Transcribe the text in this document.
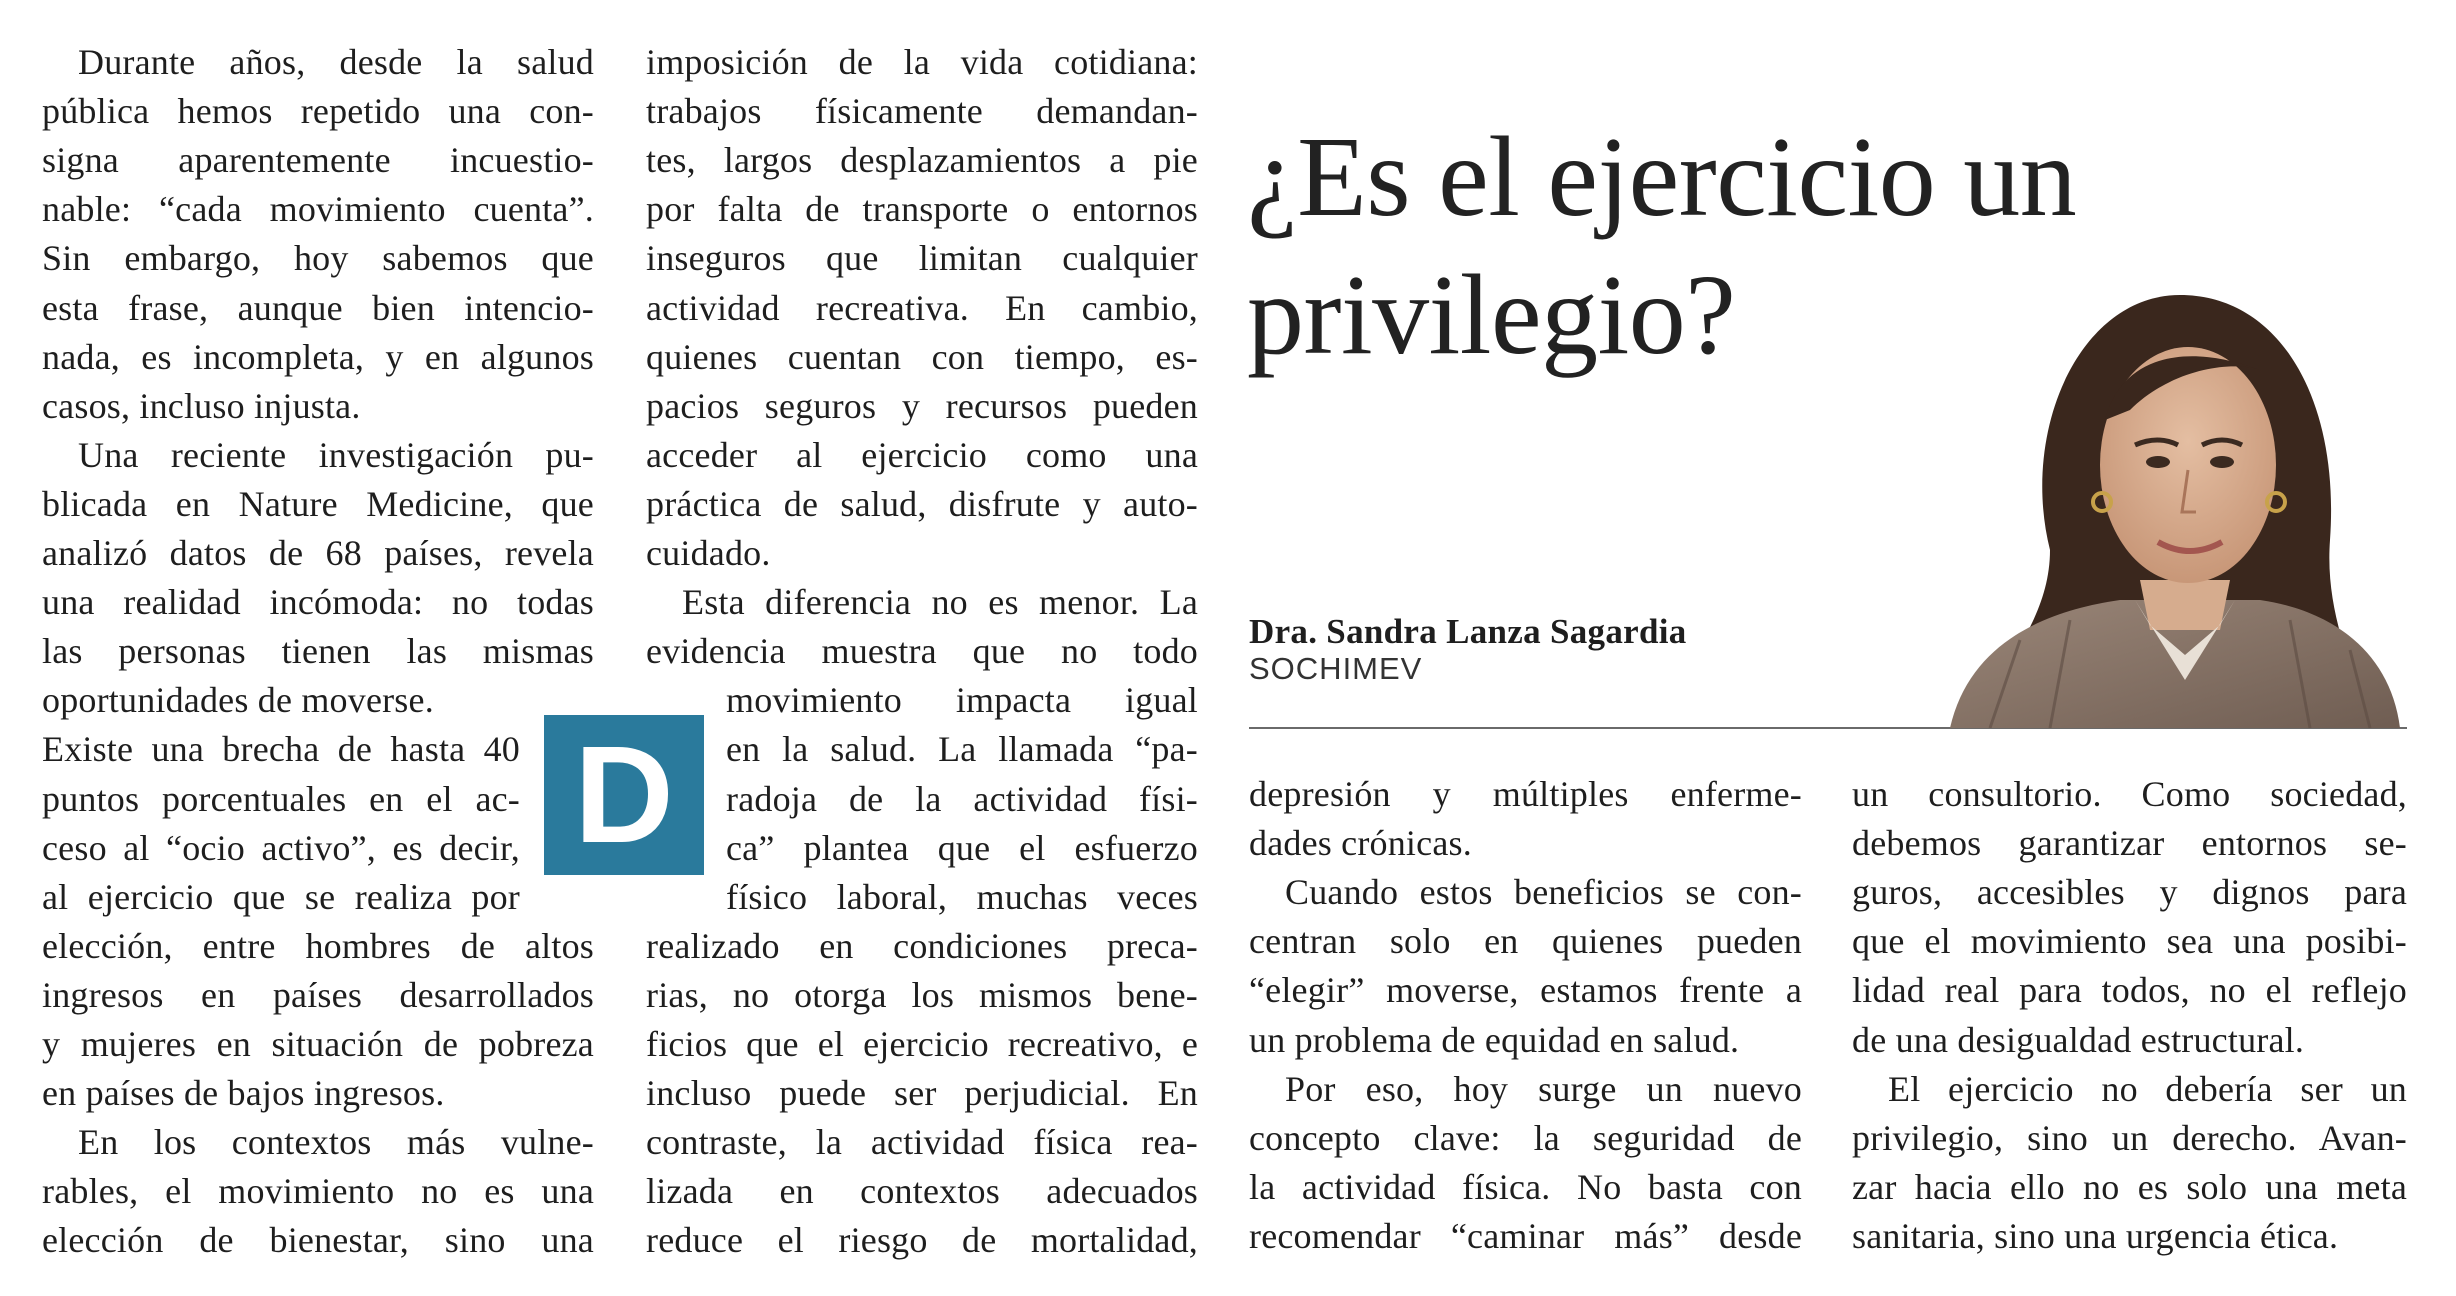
¿Es el ejercicio un privilegio?
Dra. Sandra Lanza Sagardia
SOCHIMEV
D
Durante años, desde la salud
pública hemos repetido una con-
signa aparentemente incuestio-
nable: “cada movimiento cuenta”.
Sin embargo, hoy sabemos que
esta frase, aunque bien intencio-
nada, es incompleta, y en algunos
casos, incluso injusta.
Una reciente investigación pu-
blicada en Nature Medicine, que
analizó datos de 68 países, revela
una realidad incómoda: no todas
las personas tienen las mismas
oportunidades de moverse.
Existe una brecha de hasta 40
puntos porcentuales en el ac-
ceso al “ocio activo”, es decir,
al ejercicio que se realiza por
elección, entre hombres de altos
ingresos en países desarrollados
y mujeres en situación de pobreza
en países de bajos ingresos.
En los contextos más vulne-
rables, el movimiento no es una
elección de bienestar, sino una
imposición de la vida cotidiana:
trabajos físicamente demandan-
tes, largos desplazamientos a pie
por falta de transporte o entornos
inseguros que limitan cualquier
actividad recreativa. En cambio,
quienes cuentan con tiempo, es-
pacios seguros y recursos pueden
acceder al ejercicio como una
práctica de salud, disfrute y auto-
cuidado.
Esta diferencia no es menor. La
evidencia muestra que no todo
movimiento impacta igual
en la salud. La llamada “pa-
radoja de la actividad físi-
ca” plantea que el esfuerzo
físico laboral, muchas veces
realizado en condiciones preca-
rias, no otorga los mismos bene-
ficios que el ejercicio recreativo, e
incluso puede ser perjudicial. En
contraste, la actividad física rea-
lizada en contextos adecuados
reduce el riesgo de mortalidad,
depresión y múltiples enferme-
dades crónicas.
Cuando estos beneficios se con-
centran solo en quienes pueden
“elegir” moverse, estamos frente a
un problema de equidad en salud.
Por eso, hoy surge un nuevo
concepto clave: la seguridad de
la actividad física. No basta con
recomendar “caminar más” desde
un consultorio. Como sociedad,
debemos garantizar entornos se-
guros, accesibles y dignos para
que el movimiento sea una posibi-
lidad real para todos, no el reflejo
de una desigualdad estructural.
El ejercicio no debería ser un
privilegio, sino un derecho. Avan-
zar hacia ello no es solo una meta
sanitaria, sino una urgencia ética.
